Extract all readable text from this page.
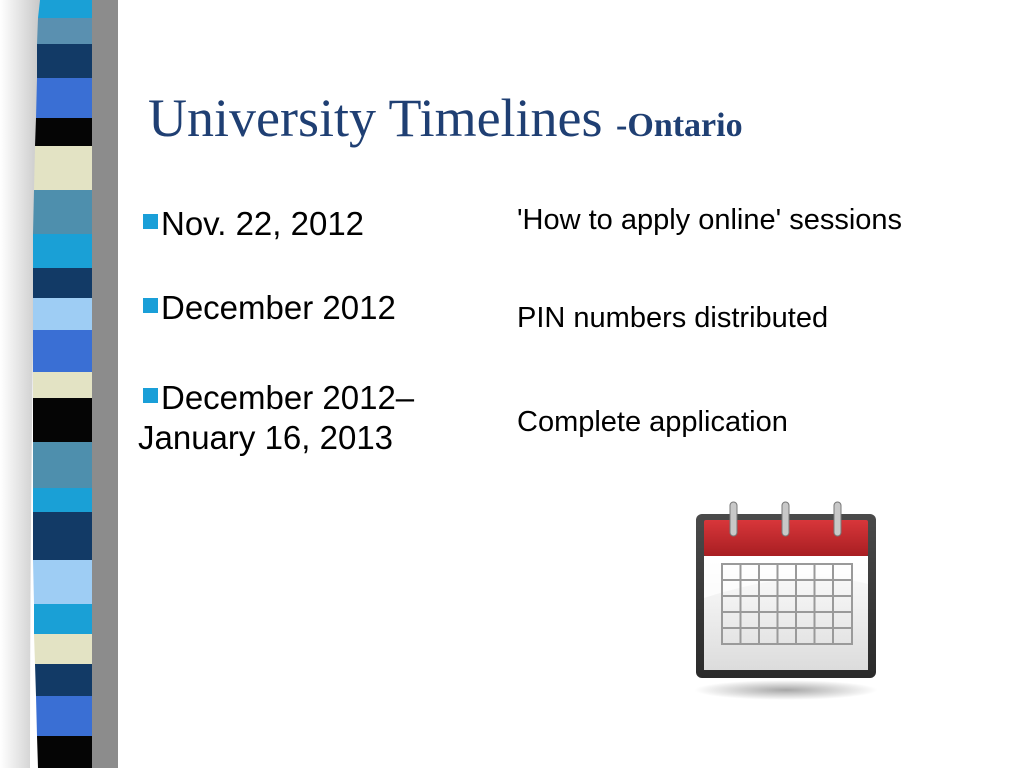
University Timelines -Ontario
Nov. 22, 2012
December 2012
December 2012–
January 16, 2013
'How to apply online' sessions
PIN numbers distributed
Complete application
